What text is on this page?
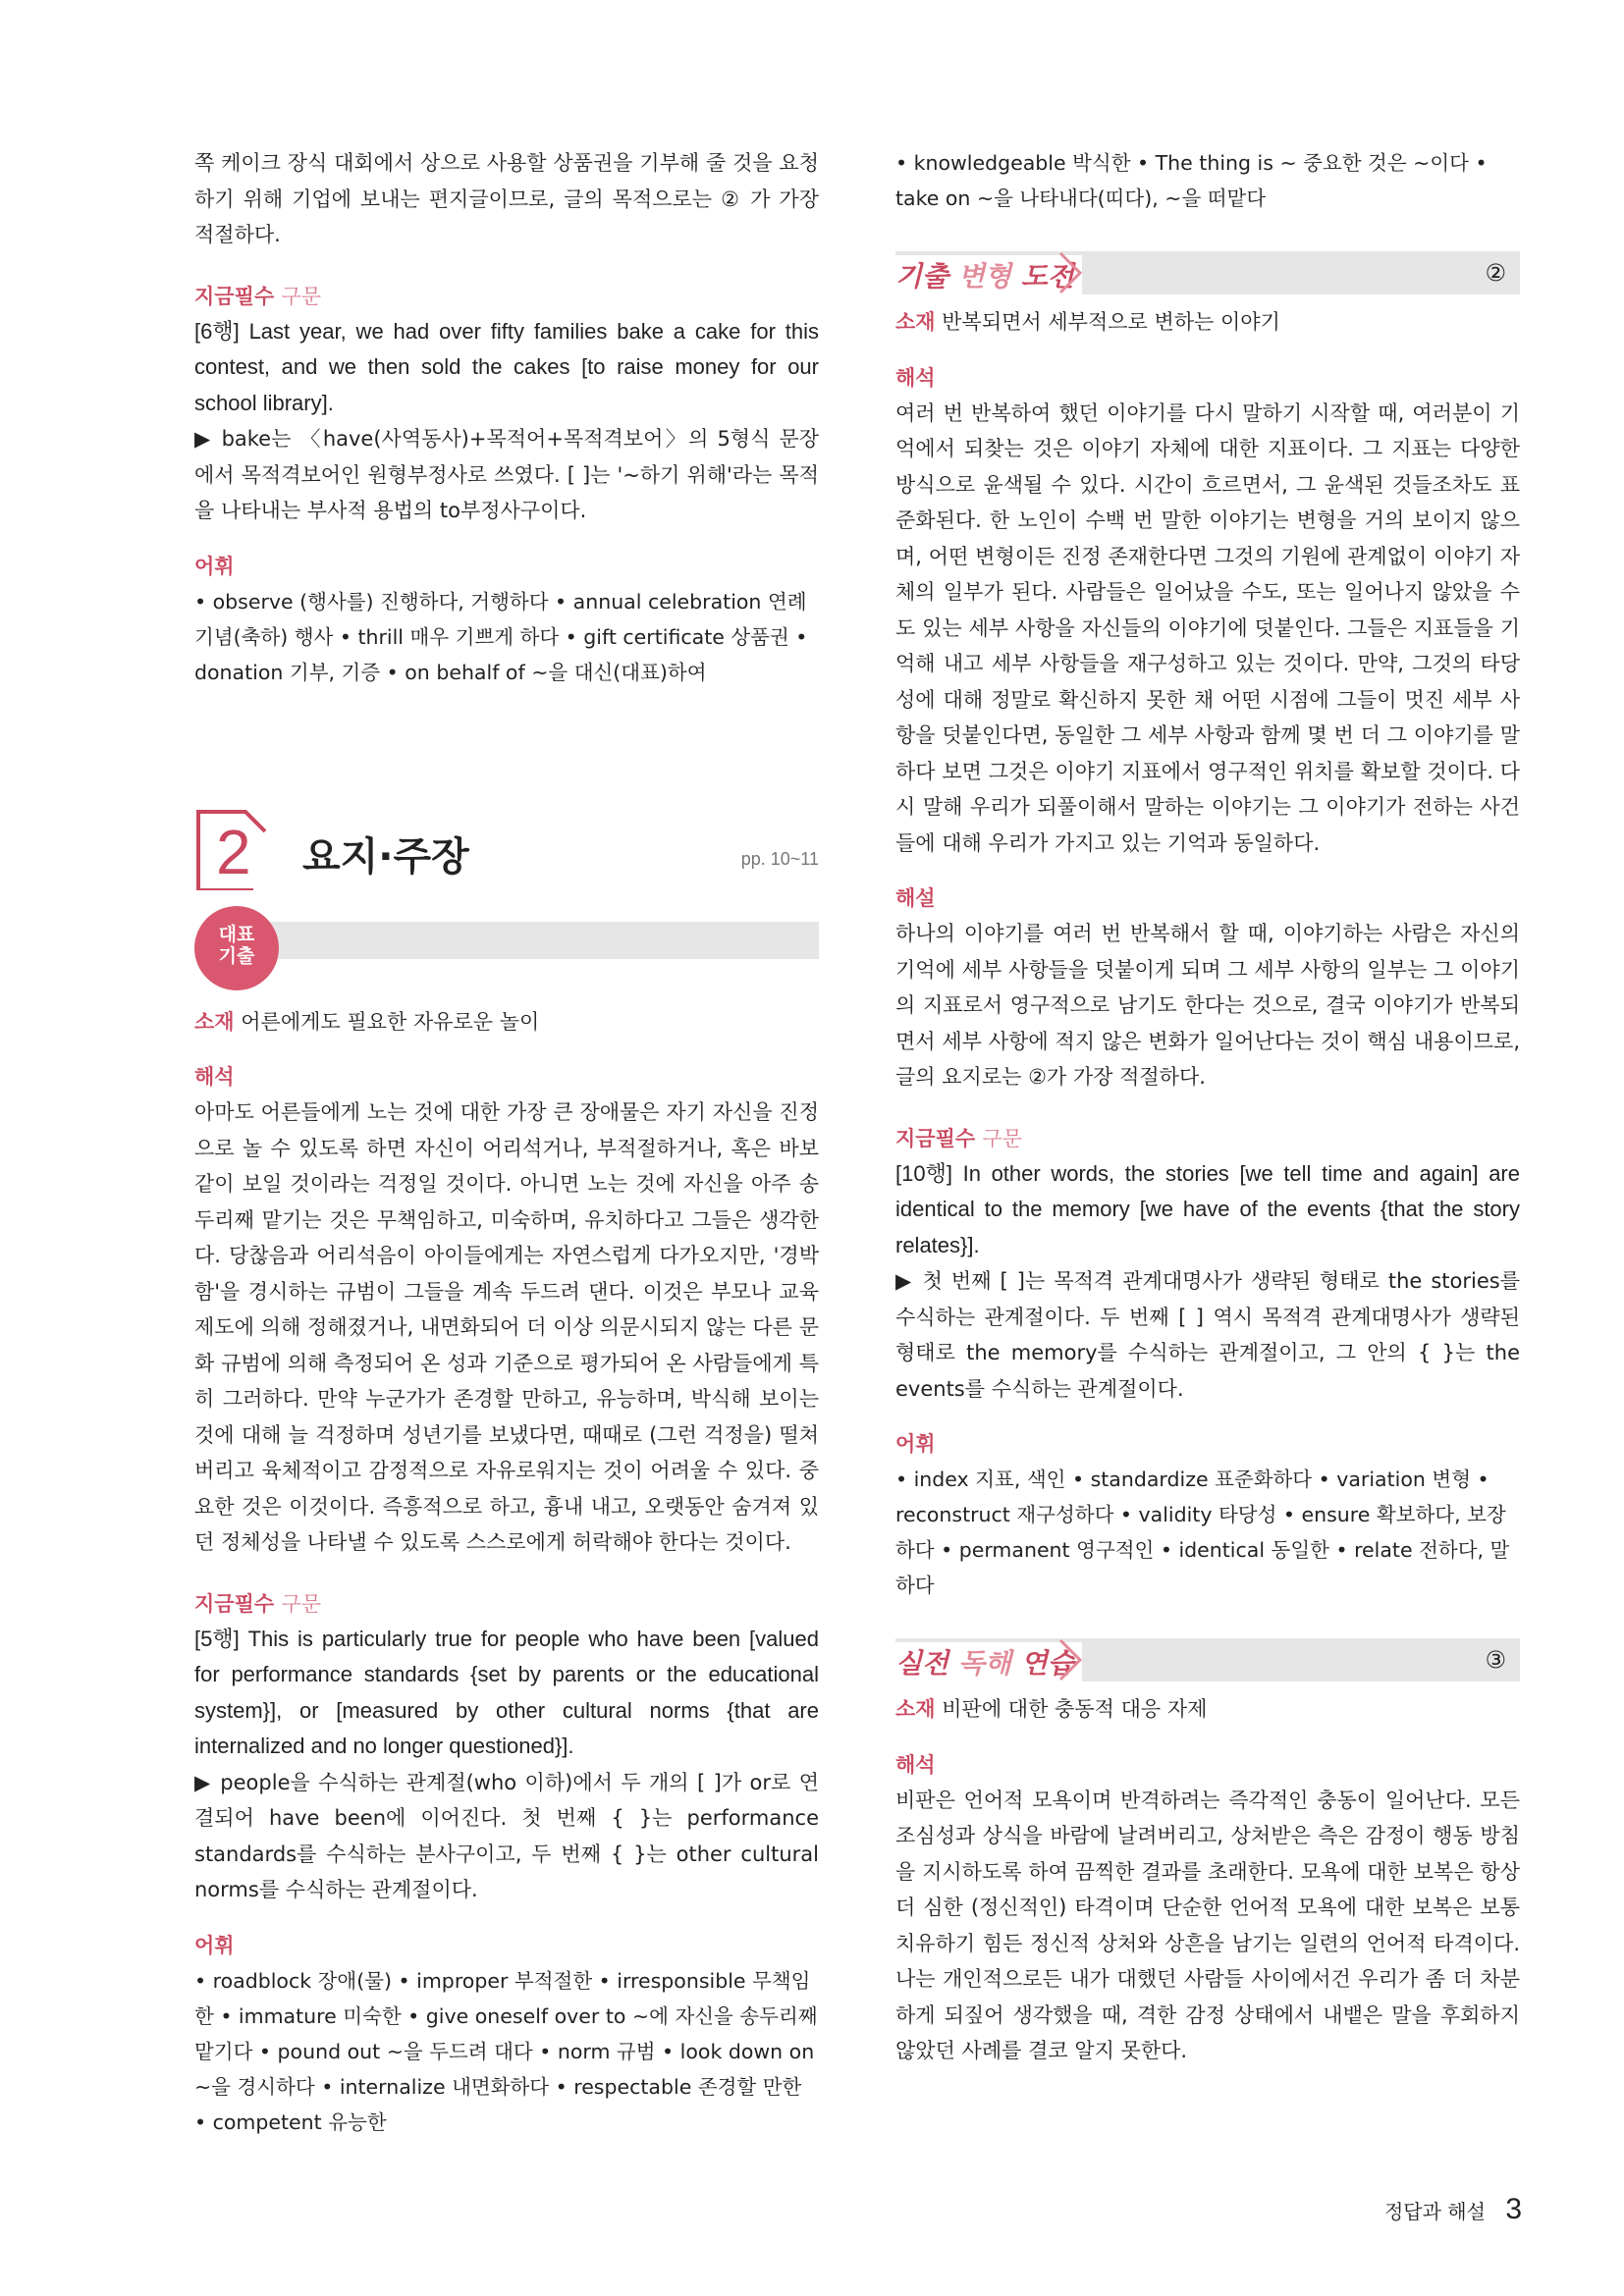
쪽 케이크 장식 대회에서 상으로 사용할 상품권을 기부해 줄 것을 요청하기 위해 기업에 보내는 편지글이므로, 글의 목적으로는 ② 가 가장 적절하다.

지금필수 구문

[6행] Last year, we had over fifty families bake a cake for this contest, and we then sold the cakes [to raise money for our school library].

▶ bake는 〈have(사역동사)+목적어+목적격보어〉의 5형식 문장에서 목적격보어인 원형부정사로 쓰였다. [ ]는 '~하기 위해'라는 목적을 나타내는 부사적 용법의 to부정사구이다.

어휘

• observe (행사를) 진행하다, 거행하다 • annual celebration 연례 기념(축하) 행사 • thrill 매우 기쁘게 하다 • gift certificate 상품권 • donation 기부, 기증 • on behalf of ~을 대신(대표)하여

2 요지·주장	pp. 10~11
대표
기출

소재 어른에게도 필요한 자유로운 놀이

해석

아마도 어른들에게 노는 것에 대한 가장 큰 장애물은 자기 자신을 진정으로 놀 수 있도록 하면 자신이 어리석거나, 부적절하거나, 혹은 바보같이 보일 것이라는 걱정일 것이다. 아니면 노는 것에 자신을 아주 송두리째 맡기는 것은 무책임하고, 미숙하며, 유치하다고 그들은 생각한다. 당찮음과 어리석음이 아이들에게는 자연스럽게 다가오지만, '경박함'을 경시하는 규범이 그들을 계속 두드려 댄다. 이것은 부모나 교육 제도에 의해 정해졌거나, 내면화되어 더 이상 의문시되지 않는 다른 문화 규범에 의해 측정되어 온 성과 기준으로 평가되어 온 사람들에게 특히 그러하다. 만약 누군가가 존경할 만하고, 유능하며, 박식해 보이는 것에 대해 늘 걱정하며 성년기를 보냈다면, 때때로 (그런 걱정을) 떨쳐 버리고 육체적이고 감정적으로 자유로워지는 것이 어려울 수 있다. 중요한 것은 이것이다. 즉흥적으로 하고, 흉내 내고, 오랫동안 숨겨져 있던 정체성을 나타낼 수 있도록 스스로에게 허락해야 한다는 것이다.

지금필수 구문

[5행] This is particularly true for people who have been [valued for performance standards {set by parents or the educational system}], or [measured by other cultural norms {that are internalized and no longer questioned}].

▶ people을 수식하는 관계절(who 이하)에서 두 개의 [ ]가 or로 연결되어 have been에 이어진다. 첫 번째 { }는 performance standards를 수식하는 분사구이고, 두 번째 { }는 other cultural norms를 수식하는 관계절이다.

어휘

• roadblock 장애(물) • improper 부적절한 • irresponsible 무책임한 • immature 미숙한 • give oneself over to ~에 자신을 송두리째 맡기다 • pound out ~을 두드려 대다 • norm 규범 • look down on ~을 경시하다 • internalize 내면화하다 • respectable 존경할 만한 • competent 유능한

• knowledgeable 박식한 • The thing is ~ 중요한 것은 ~이다 • take on ~을 나타내다(띠다), ~을 떠맡다

기출 변형 도전	②

소재 반복되면서 세부적으로 변하는 이야기

해석

여러 번 반복하여 했던 이야기를 다시 말하기 시작할 때, 여러분이 기억에서 되찾는 것은 이야기 자체에 대한 지표이다. 그 지표는 다양한 방식으로 윤색될 수 있다. 시간이 흐르면서, 그 윤색된 것들조차도 표준화된다. 한 노인이 수백 번 말한 이야기는 변형을 거의 보이지 않으며, 어떤 변형이든 진정 존재한다면 그것의 기원에 관계없이 이야기 자체의 일부가 된다. 사람들은 일어났을 수도, 또는 일어나지 않았을 수도 있는 세부 사항을 자신들의 이야기에 덧붙인다. 그들은 지표들을 기억해 내고 세부 사항들을 재구성하고 있는 것이다. 만약, 그것의 타당성에 대해 정말로 확신하지 못한 채 어떤 시점에 그들이 멋진 세부 사항을 덧붙인다면, 동일한 그 세부 사항과 함께 몇 번 더 그 이야기를 말하다 보면 그것은 이야기 지표에서 영구적인 위치를 확보할 것이다. 다시 말해 우리가 되풀이해서 말하는 이야기는 그 이야기가 전하는 사건들에 대해 우리가 가지고 있는 기억과 동일하다.

해설

하나의 이야기를 여러 번 반복해서 할 때, 이야기하는 사람은 자신의 기억에 세부 사항들을 덧붙이게 되며 그 세부 사항의 일부는 그 이야기의 지표로서 영구적으로 남기도 한다는 것으로, 결국 이야기가 반복되면서 세부 사항에 적지 않은 변화가 일어난다는 것이 핵심 내용이므로, 글의 요지로는 ②가 가장 적절하다.

지금필수 구문

[10행] In other words, the stories [we tell time and again] are identical to the memory [we have of the events {that the story relates}].

▶ 첫 번째 [ ]는 목적격 관계대명사가 생략된 형태로 the stories를 수식하는 관계절이다. 두 번째 [ ] 역시 목적격 관계대명사가 생략된 형태로 the memory를 수식하는 관계절이고, 그 안의 { }는 the events를 수식하는 관계절이다.

어휘

• index 지표, 색인 • standardize 표준화하다 • variation 변형 • reconstruct 재구성하다 • validity 타당성 • ensure 확보하다, 보장하다 • permanent 영구적인 • identical 동일한 • relate 전하다, 말하다

실전 독해 연습	③

소재 비판에 대한 충동적 대응 자제

해석

비판은 언어적 모욕이며 반격하려는 즉각적인 충동이 일어난다. 모든 조심성과 상식을 바람에 날려버리고, 상처받은 측은 감정이 행동 방침을 지시하도록 하여 끔찍한 결과를 초래한다. 모욕에 대한 보복은 항상 더 심한 (정신적인) 타격이며 단순한 언어적 모욕에 대한 보복은 보통 치유하기 힘든 정신적 상처와 상흔을 남기는 일련의 언어적 타격이다. 나는 개인적으로든 내가 대했던 사람들 사이에서건 우리가 좀 더 차분하게 되짚어 생각했을 때, 격한 감정 상태에서 내뱉은 말을 후회하지 않았던 사례를 결코 알지 못한다.

정답과 해설 3
